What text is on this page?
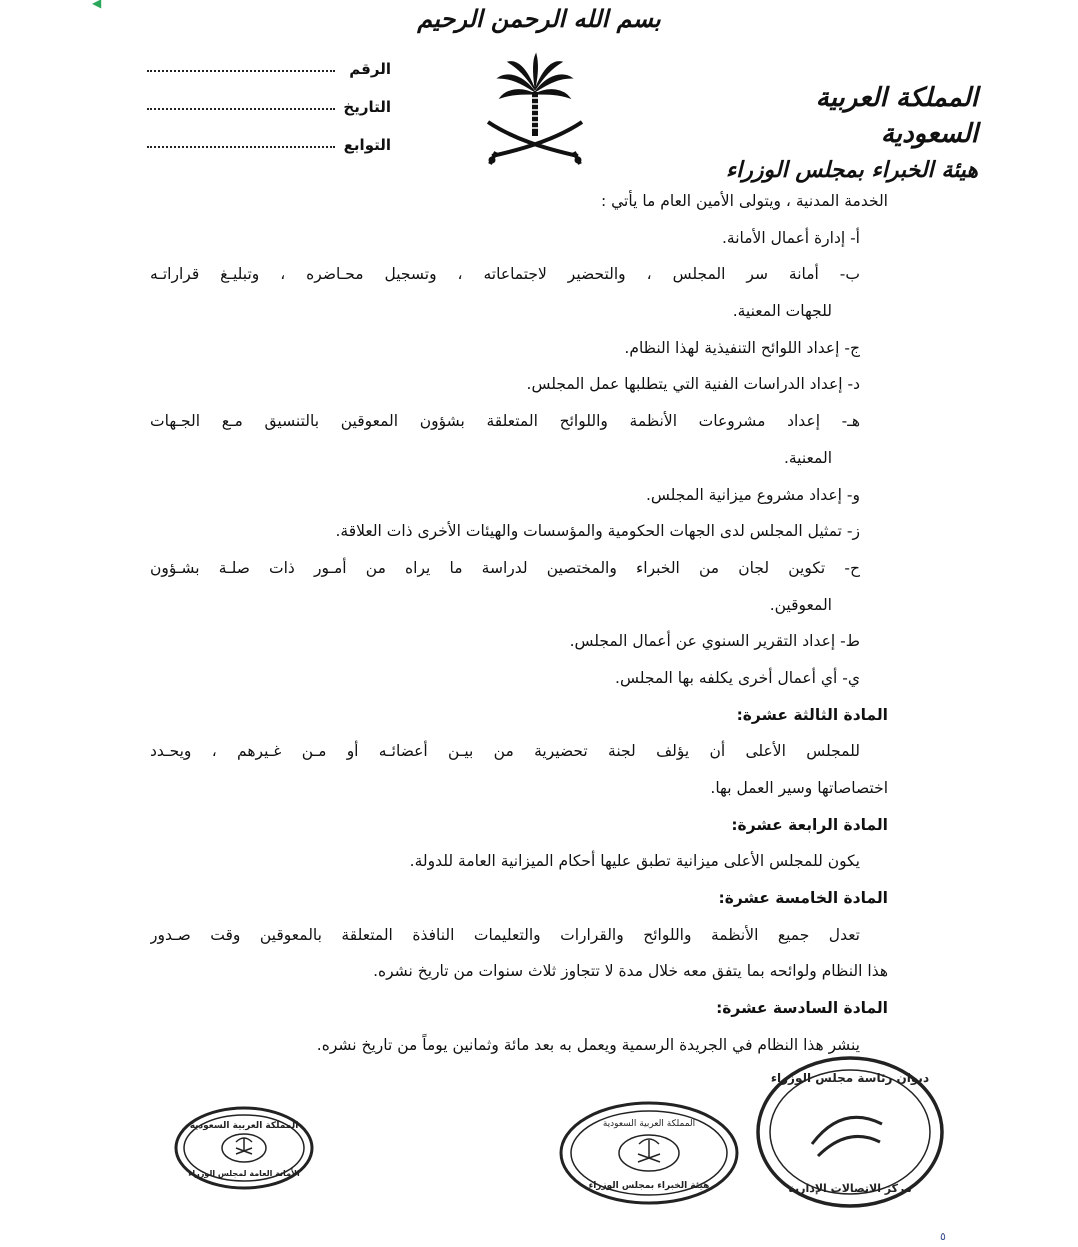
◀
بسم الله الرحمن الرحيم
الرقم
التاريخ
التوابع
المملكة العربية السعودية
هيئة الخبراء بمجلس الوزراء
الخدمة المدنية ، ويتولى الأمين العام ما يأتي :
أ- إدارة أعمال الأمانة.
ب- أمانة سر المجلس ، والتحضير لاجتماعاته ، وتسجيل محـاضره ، وتبليـغ قراراتـه
للجهات المعنية.
ج- إعداد اللوائح التنفيذية لهذا النظام.
د- إعداد الدراسات الفنية التي يتطلبها عمل المجلس.
هـ- إعداد مشروعات الأنظمة واللوائح المتعلقة بشؤون المعوقين بالتنسيق مـع الجـهات
المعنية.
و- إعداد مشروع ميزانية المجلس.
ز- تمثيل المجلس لدى الجهات الحكومية والمؤسسات والهيئات الأخرى ذات العلاقة.
ح- تكوين لجان من الخبراء والمختصين لدراسة ما يراه من أمـور ذات صلـة بشـؤون
المعوقين.
ط- إعداد التقرير السنوي عن أعمال المجلس.
ي- أي أعمال أخرى يكلفه بها المجلس.
المادة الثالثة عشرة:
للمجلس الأعلى أن يؤلف لجنة تحضيرية من بيـن أعضائـه أو مـن غـيرهم ، ويحـدد
اختصاصاتها وسير العمل بها.
المادة الرابعة عشرة:
يكون للمجلس الأعلى ميزانية تطبق عليها أحكام الميزانية العامة للدولة.
المادة الخامسة عشرة:
تعدل جميع الأنظمة واللوائح والقرارات والتعليمات النافذة المتعلقة بالمعوقين وقت صـدور
هذا النظام ولوائحه بما يتفق معه خلال مدة لا تتجاوز ثلاث سنوات من تاريخ نشره.
المادة السادسة عشرة:
ينشر هذا النظام في الجريدة الرسمية ويعمل به بعد مائة وثمانين يوماً من تاريخ نشره.
المملكة العربية السعودية
الأمانة العامة لمجلس الوزراء
المملكة العربية السعودية
هيئة الخبراء بمجلس الوزراء
ديوان رئاسة مجلس الوزراء
مركز الاتصالات الإدارية
٥
